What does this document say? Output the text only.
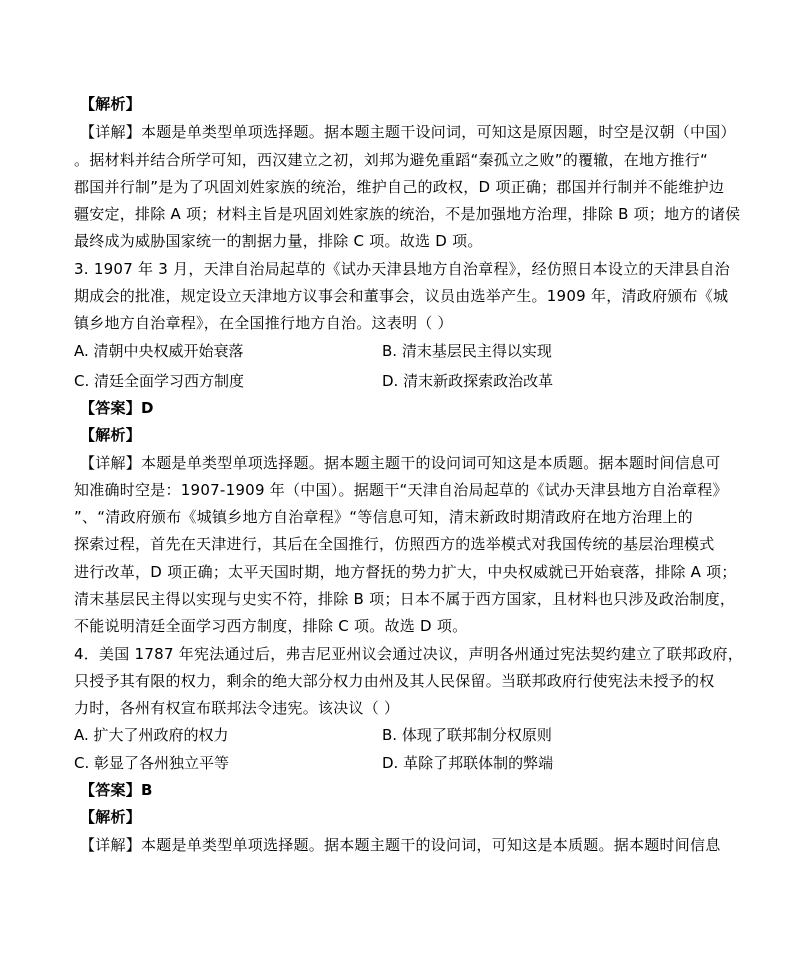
【解析】
【详解】本题是单类型单项选择题。据本题主题干设问词，可知这是原因题，时空是汉朝（中国）
。据材料并结合所学可知，西汉建立之初，刘邦为避免重蹈“秦孤立之败”的覆辙，在地方推行“
郡国并行制”是为了巩固刘姓家族的统治，维护自己的政权，D 项正确；郡国并行制并不能维护边
疆安定，排除 A 项；材料主旨是巩固刘姓家族的统治，不是加强地方治理，排除 B 项；地方的诸侯
最终成为威胁国家统一的割据力量，排除 C 项。故选 D 项。
3. 1907 年 3 月，天津自治局起草的《试办天津县地方自治章程》，经仿照日本设立的天津县自治
期成会的批准，规定设立天津地方议事会和董事会，议员由选举产生。1909 年，清政府颁布《城
镇乡地方自治章程》，在全国推行地方自治。这表明（ ）
A. 清朝中央权威开始衰落	B. 清末基层民主得以实现
C. 清廷全面学习西方制度	D. 清末新政探索政治改革
【答案】D
【解析】
【详解】本题是单类型单项选择题。据本题主题干的设问词可知这是本质题。据本题时间信息可
知准确时空是：1907-1909 年（中国）。据题干“天津自治局起草的《试办天津县地方自治章程》
”、“清政府颁布《城镇乡地方自治章程》“等信息可知，清末新政时期清政府在地方治理上的
探索过程，首先在天津进行，其后在全国推行，仿照西方的选举模式对我国传统的基层治理模式
进行改革，D 项正确；太平天国时期，地方督抚的势力扩大，中央权威就已开始衰落，排除 A 项；
清末基层民主得以实现与史实不符，排除 B 项；日本不属于西方国家，且材料也只涉及政治制度，
不能说明清廷全面学习西方制度，排除 C 项。故选 D 项。
4．美国 1787 年宪法通过后，弗吉尼亚州议会通过决议，声明各州通过宪法契约建立了联邦政府，
只授予其有限的权力，剩余的绝大部分权力由州及其人民保留。当联邦政府行使宪法未授予的权
力时，各州有权宣布联邦法令违宪。该决议（ ）
A. 扩大了州政府的权力	B. 体现了联邦制分权原则
C. 彰显了各州独立平等	D. 革除了邦联体制的弊端
【答案】B
【解析】
【详解】本题是单类型单项选择题。据本题主题干的设问词，可知这是本质题。据本题时间信息
